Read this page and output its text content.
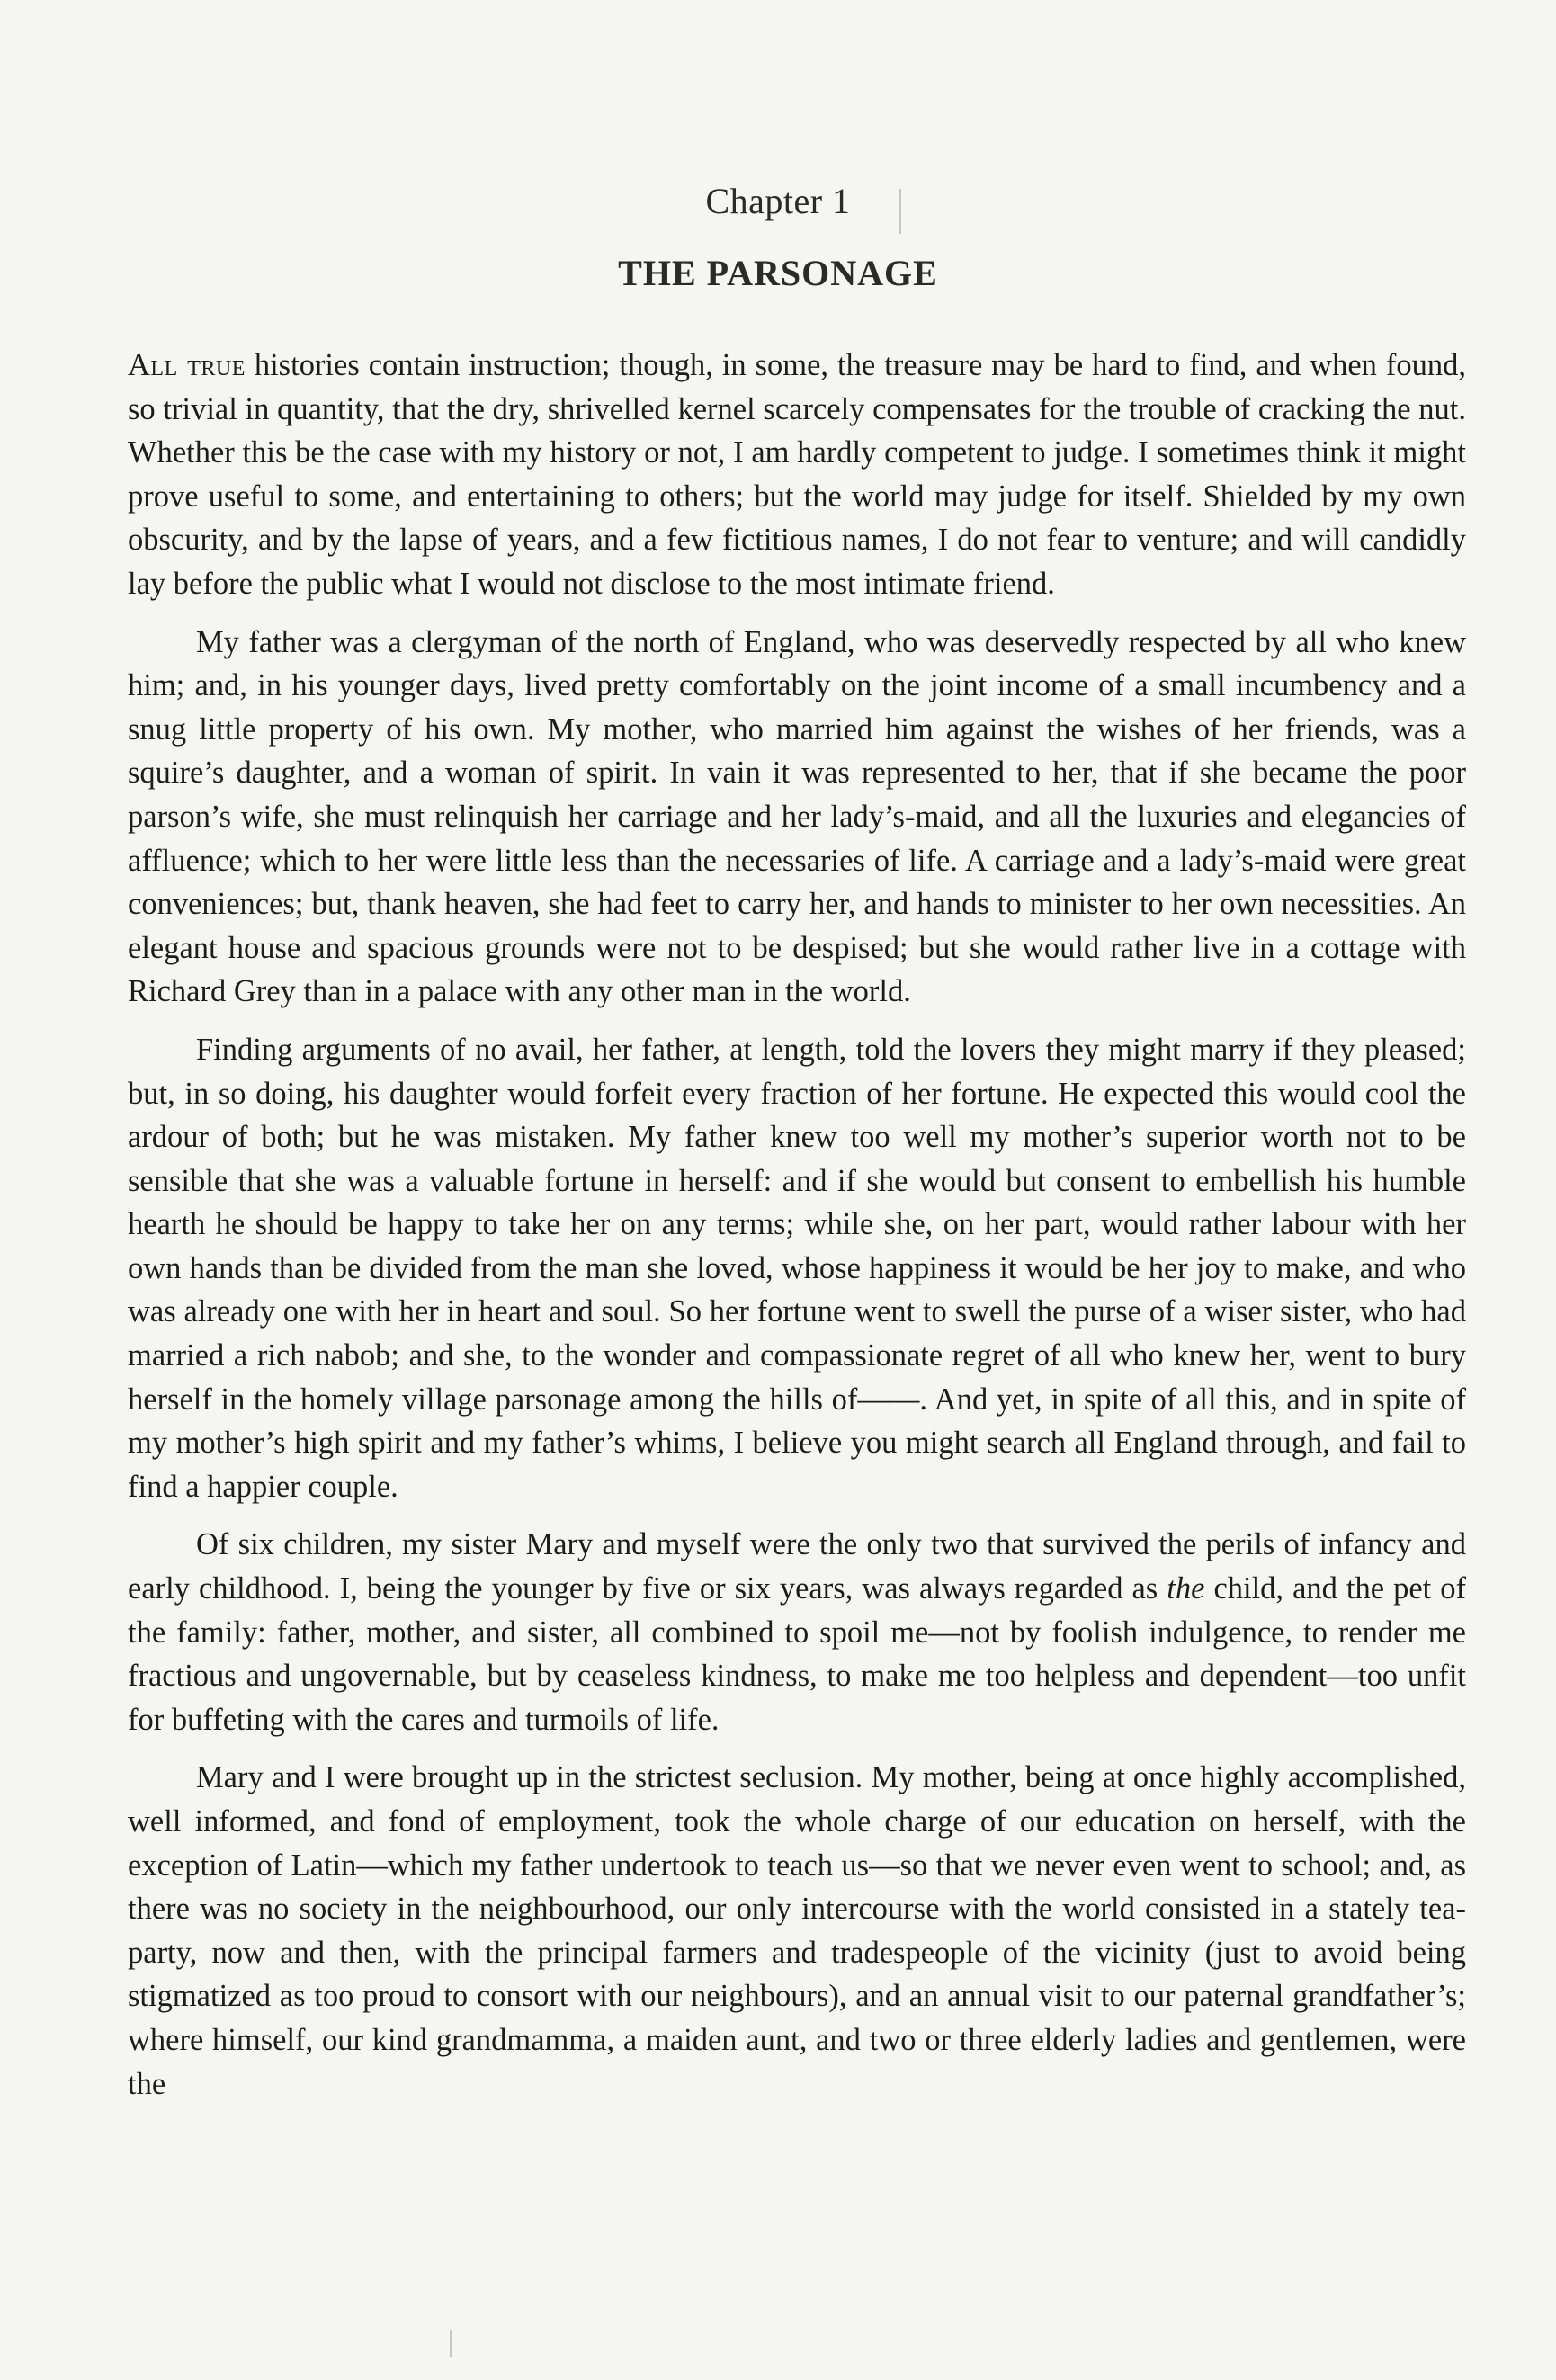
Chapter 1
THE PARSONAGE

All true histories contain instruction; though, in some, the treasure may be hard to find, and when found, so trivial in quantity, that the dry, shrivelled kernel scarcely compensates for the trouble of cracking the nut. Whether this be the case with my history or not, I am hardly competent to judge. I sometimes think it might prove useful to some, and entertaining to others; but the world may judge for itself. Shielded by my own obscurity, and by the lapse of years, and a few fictitious names, I do not fear to venture; and will candidly lay before the public what I would not disclose to the most intimate friend.

My father was a clergyman of the north of England, who was deservedly respected by all who knew him; and, in his younger days, lived pretty comfortably on the joint income of a small incumbency and a snug little property of his own. My mother, who married him against the wishes of her friends, was a squire’s daughter, and a woman of spirit. In vain it was represented to her, that if she became the poor parson’s wife, she must relinquish her carriage and her lady’s-maid, and all the luxuries and elegancies of affluence; which to her were little less than the necessaries of life. A carriage and a lady’s-maid were great conveniences; but, thank heaven, she had feet to carry her, and hands to minister to her own necessities. An elegant house and spacious grounds were not to be despised; but she would rather live in a cottage with Richard Grey than in a palace with any other man in the world.

Finding arguments of no avail, her father, at length, told the lovers they might marry if they pleased; but, in so doing, his daughter would forfeit every fraction of her fortune. He expected this would cool the ardour of both; but he was mistaken. My father knew too well my mother’s superior worth not to be sensible that she was a valuable fortune in herself: and if she would but consent to embellish his humble hearth he should be happy to take her on any terms; while she, on her part, would rather labour with her own hands than be divided from the man she loved, whose happiness it would be her joy to make, and who was already one with her in heart and soul. So her fortune went to swell the purse of a wiser sister, who had married a rich nabob; and she, to the wonder and compassionate regret of all who knew her, went to bury herself in the homely village parsonage among the hills of——. And yet, in spite of all this, and in spite of my mother’s high spirit and my father’s whims, I believe you might search all England through, and fail to find a happier couple.

Of six children, my sister Mary and myself were the only two that survived the perils of infancy and early childhood. I, being the younger by five or six years, was always regarded as the child, and the pet of the family: father, mother, and sister, all combined to spoil me—not by foolish indulgence, to render me fractious and ungovernable, but by ceaseless kindness, to make me too helpless and dependent—too unfit for buffeting with the cares and turmoils of life.

Mary and I were brought up in the strictest seclusion. My mother, being at once highly accomplished, well informed, and fond of employment, took the whole charge of our education on herself, with the exception of Latin—which my father undertook to teach us—so that we never even went to school; and, as there was no society in the neighbourhood, our only intercourse with the world consisted in a stately tea-party, now and then, with the principal farmers and tradespeople of the vicinity (just to avoid being stigmatized as too proud to consort with our neighbours), and an annual visit to our paternal grandfather’s; where himself, our kind grandmamma, a maiden aunt, and two or three elderly ladies and gentlemen, were the
